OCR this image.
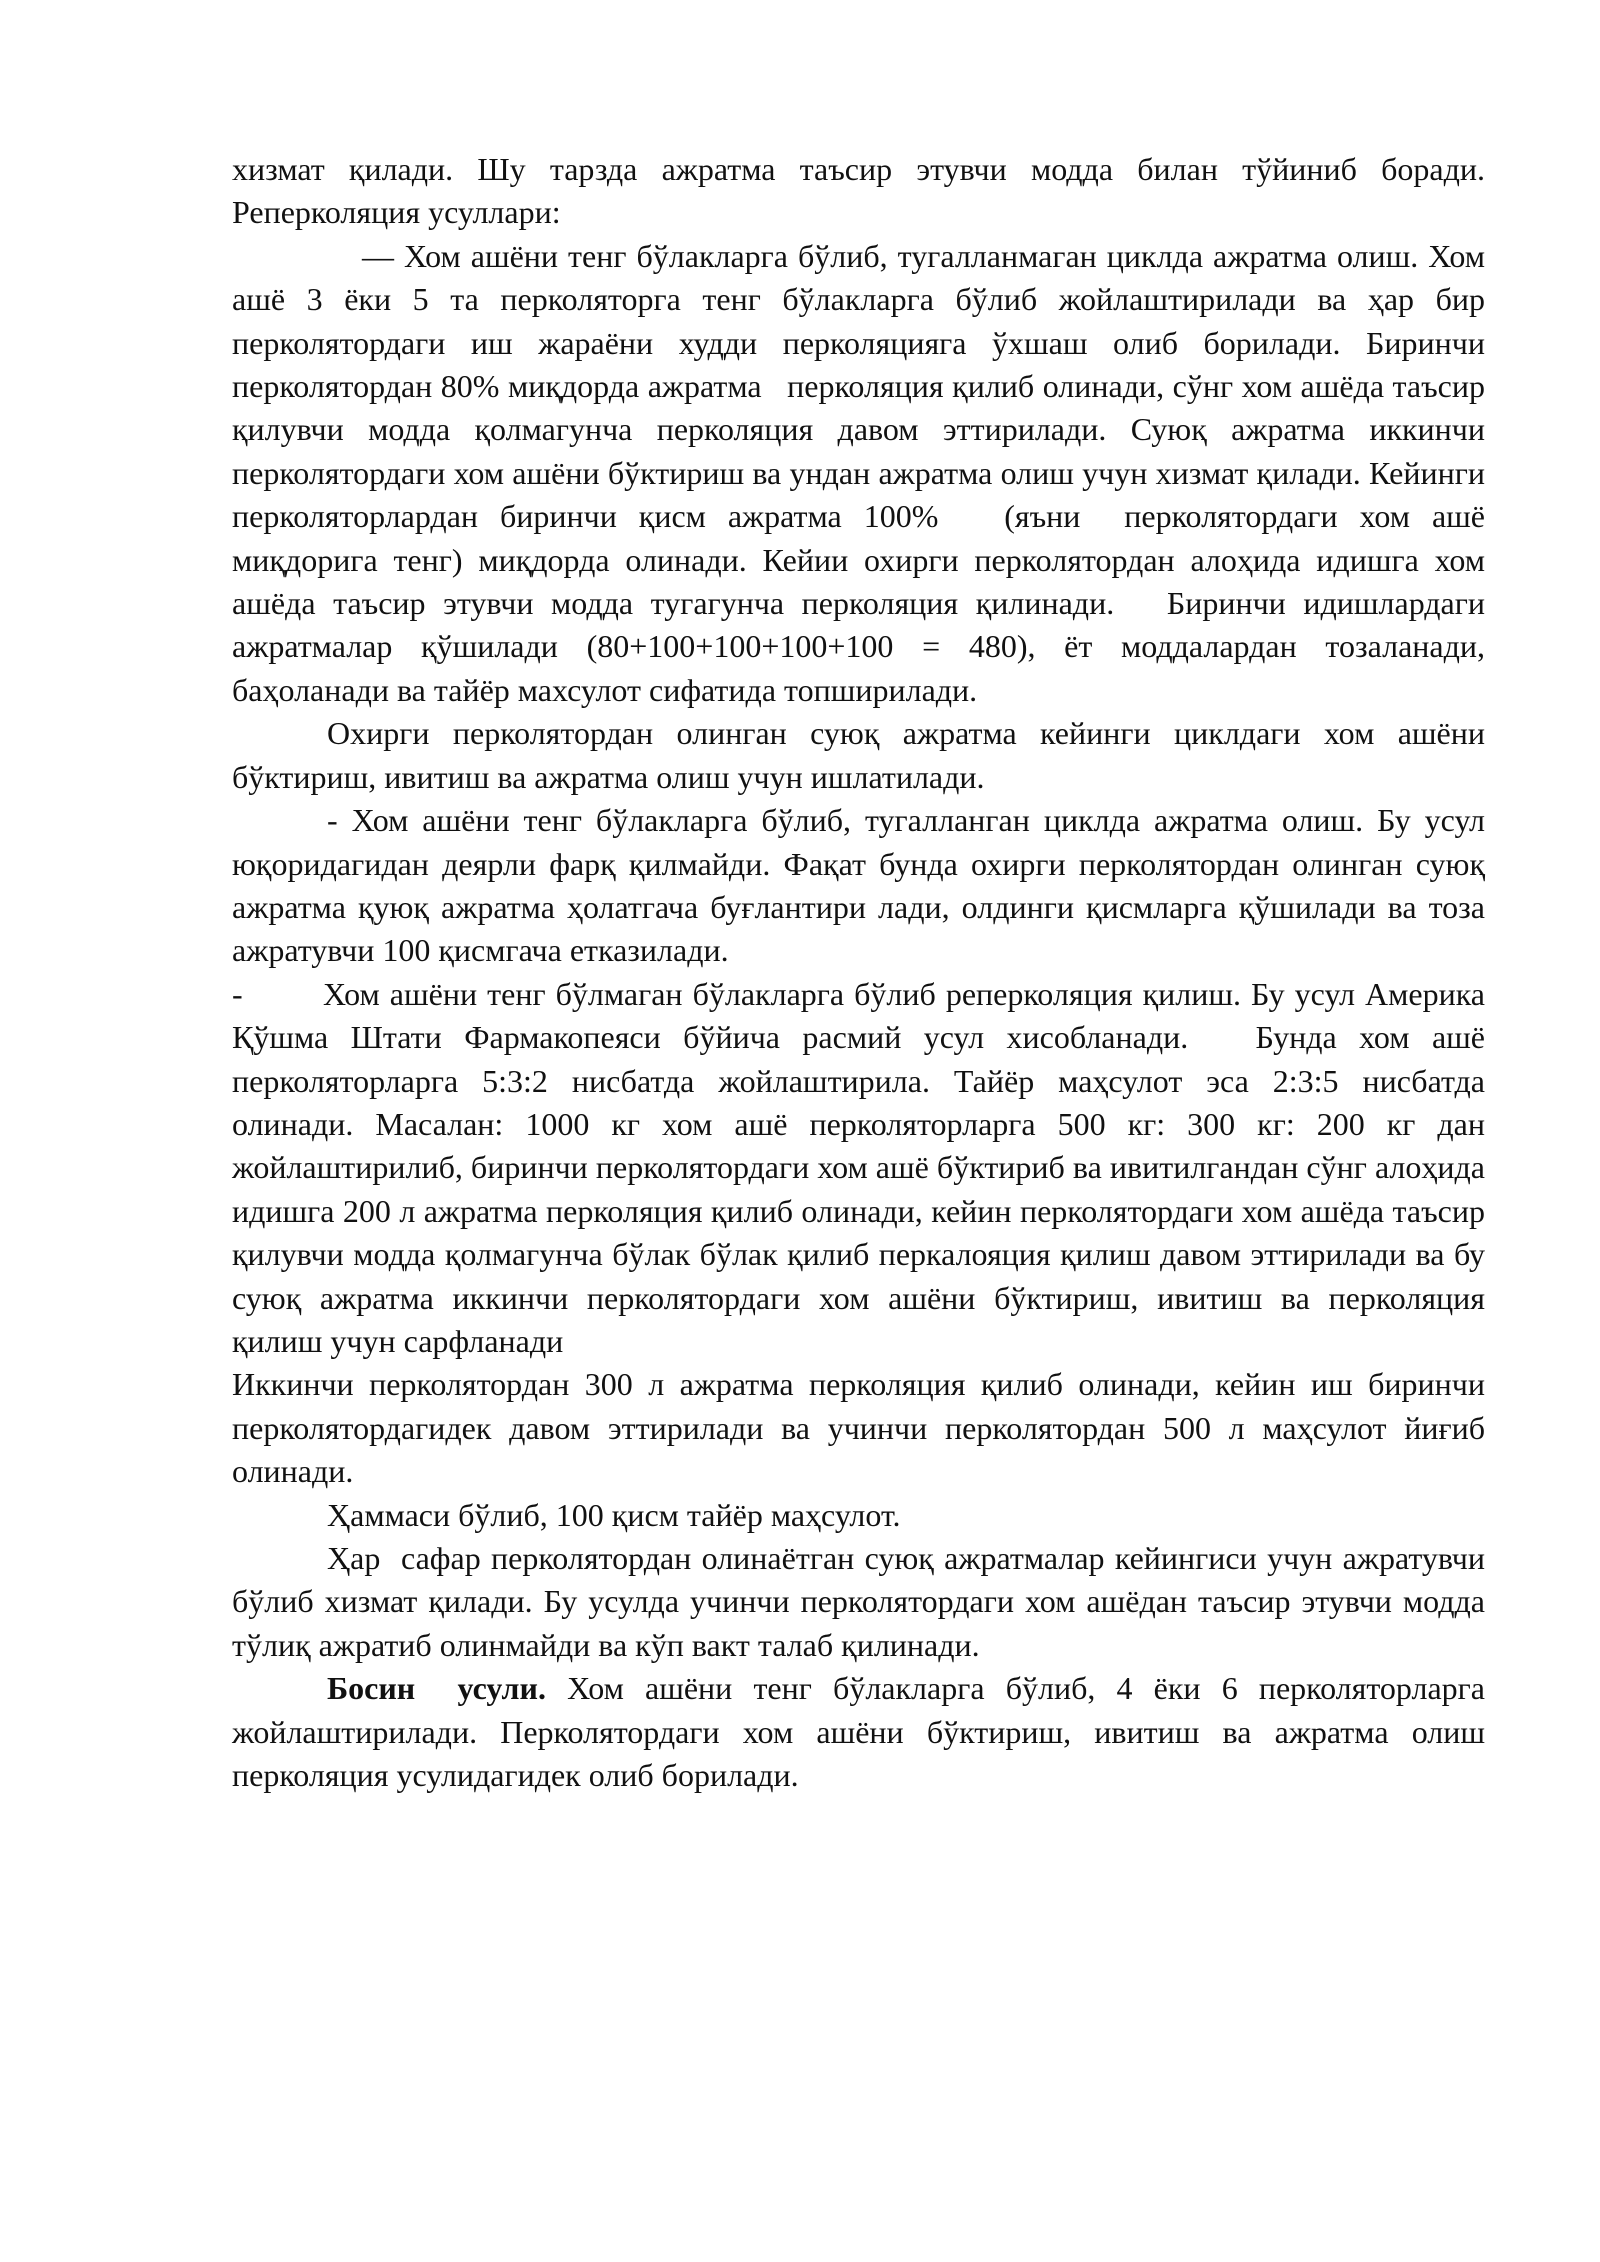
хизмат қилади. Шу тарзда ажратма таъсир этувчи модда билан тўйиниб боради. Реперколяция усуллари:

— Хом ашёни тенг бўлакларга бўлиб, тугалланмаган циклда ажратма олиш. Хом ашё 3 ёки 5 та перколяторга тенг бўлакларга бўлиб жойлаштирилади ва ҳар бир перколятордаги иш жараёни худди перколяцияга ўхшаш олиб борилади. Биринчи перколятордан 80% миқдорда ажратма   перколяция қилиб олинади, сўнг хом ашёда таъсир қилувчи модда қолмагунча перколяция давом эттирилади. Суюқ ажратма иккинчи перколятордаги хом ашёни бўктириш ва ундан ажратма олиш учун хизмат қилади. Кейинги  перколяторлардан биринчи қисм ажратма 100%   (яъни  перколятордаги хом ашё миқдорига тенг) миқдорда олинади. Кейии охирги перколятордан алоҳида идишга хом ашёда таъсир этувчи модда тугагунча перколяция қилинади.   Биринчи идишлардаги ажратмалар қўшилади (80+100+100+100+100 = 480), ёт моддалардан тозаланади, баҳоланади ва тайёр махсулот сифатида топширилади.

Охирги перколятордан олинган суюқ ажратма кейинги циклдаги хом ашёни бўктириш, ивитиш ва ажратма олиш учун ишлатилади.

- Хом ашёни тенг бўлакларга бўлиб, тугалланган циклда ажратма олиш. Бу усул юқоридагидан деярли фарқ қилмайди. Фақат бунда охирги перколятордан олинган суюқ ажратма қуюқ ажратма ҳолатгача буғлантири лади, олдинги қисмларга қўшилади ва тоза ажратувчи 100 қисмгача етказилади.

-        Хом ашёни тенг бўлмаган бўлакларга бўлиб реперколяция қилиш. Бу усул Америка Қўшма Штати Фармакопеяси бўйича расмий усул хисобланади.   Бунда хом ашё перколяторларга 5:3:2 нисбатда жойлаштирила. Тайёр маҳсулот эса 2:3:5 нисбатда олинади. Масалан: 1000 кг хом ашё перколяторларга 500 кг: 300 кг: 200 кг дан жойлаштирилиб, биринчи перколятордаги хом ашё бўктириб ва ивитилгандан сўнг алоҳида идишга 200 л ажратма перколяция қилиб олинади, кейин перколятордаги хом ашёда таъсир қилувчи модда қолмагунча бўлак бўлак қилиб перкалояция қилиш давом эттирилади ва бу суюқ ажратма иккинчи перколятордаги хом ашёни бўктириш, ивитиш ва перколяция қилиш учун сарфланади

Иккинчи перколятордан 300 л ажратма перколяция қилиб олинади, кейин иш биринчи перколятордагидек давом эттирилади ва учинчи перколятордан 500 л маҳсулот йиғиб олинади.

Ҳаммаси бўлиб, 100 қисм тайёр маҳсулот.

Ҳар  сафар перколятордан олинаётган суюқ ажратмалар кейингиси учун ажратувчи бўлиб хизмат қилади. Бу усулда учинчи перколятордаги хом ашёдан таъсир этувчи модда тўлиқ ажратиб олинмайди ва кўп вакт талаб қилинади.

Босин  усули. Хом ашёни тенг бўлакларга бўлиб, 4 ёки 6 перколяторларга жойлаштирилади. Перколятордаги хом ашёни бўктириш, ивитиш ва ажратма олиш перколяция усулидагидек олиб борилади.
